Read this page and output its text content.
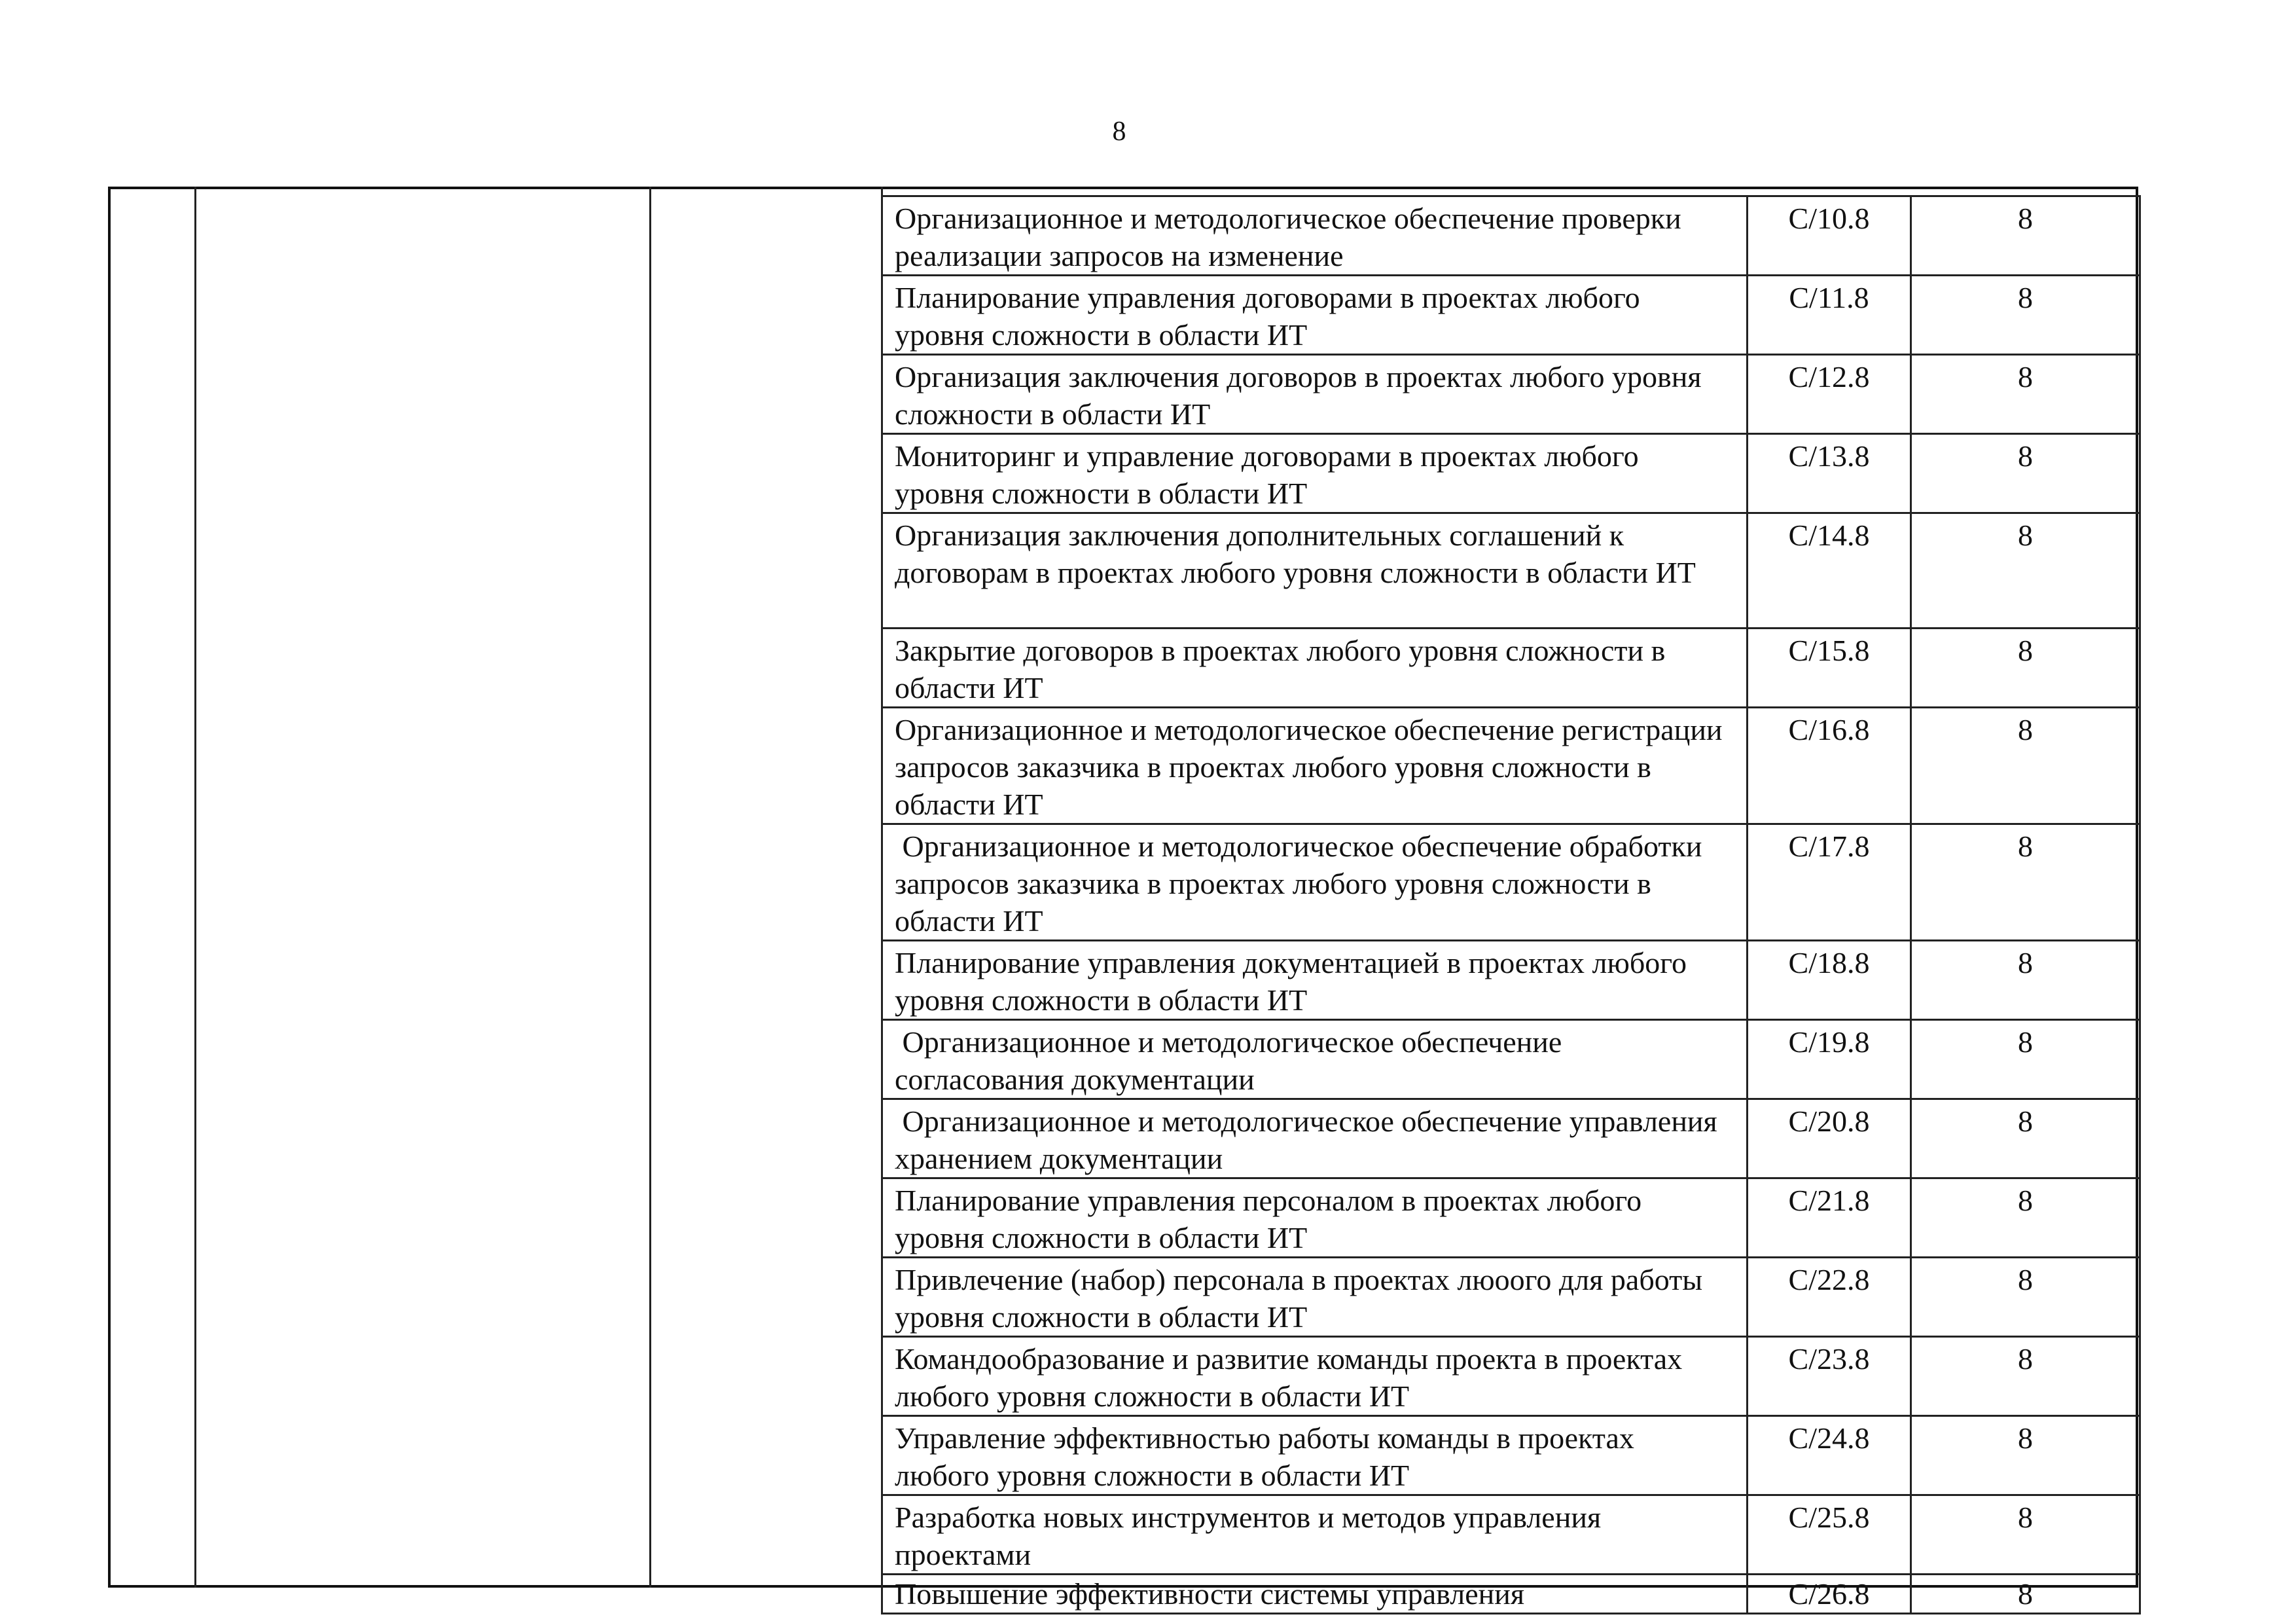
8
Организационное и методологическое обеспечение проверки реализации запросов на изменение	C/10.8	8
Планирование управления договорами в проектах любого уровня сложности в области ИТ	C/11.8	8
Организация заключения договоров в проектах любого уровня сложности в области ИТ	C/12.8	8
Мониторинг и управление договорами в проектах любого уровня сложности в области ИТ	C/13.8	8
Организация заключения дополнительных соглашений к договорам в проектах любого уровня сложности в области ИТ	C/14.8	8
Закрытие договоров в проектах любого уровня сложности в области ИТ	C/15.8	8
Организационное и методологическое обеспечение регистрации запросов заказчика в проектах любого уровня сложности в области ИТ	C/16.8	8
Организационное и методологическое обеспечение обработки запросов заказчика в проектах любого уровня сложности в области ИТ	C/17.8	8
Планирование управления документацией в проектах любого уровня сложности в области ИТ	C/18.8	8
Организационное и методологическое обеспечение согласования документации	C/19.8	8
Организационное и методологическое обеспечение управления хранением документации	C/20.8	8
Планирование управления персоналом в проектах любого уровня сложности в области ИТ	C/21.8	8
Привлечение (набор) персонала в проектах люоого для работы уровня сложности в области ИТ	C/22.8	8
Командообразование и развитие команды проекта в проектах любого уровня сложности в области ИТ	C/23.8	8
Управление эффективностью работы команды в проектах любого уровня сложности в области ИТ	C/24.8	8
Разработка новых инструментов и методов управления проектами	C/25.8	8
Повышение эффективности системы управления	C/26.8	8
